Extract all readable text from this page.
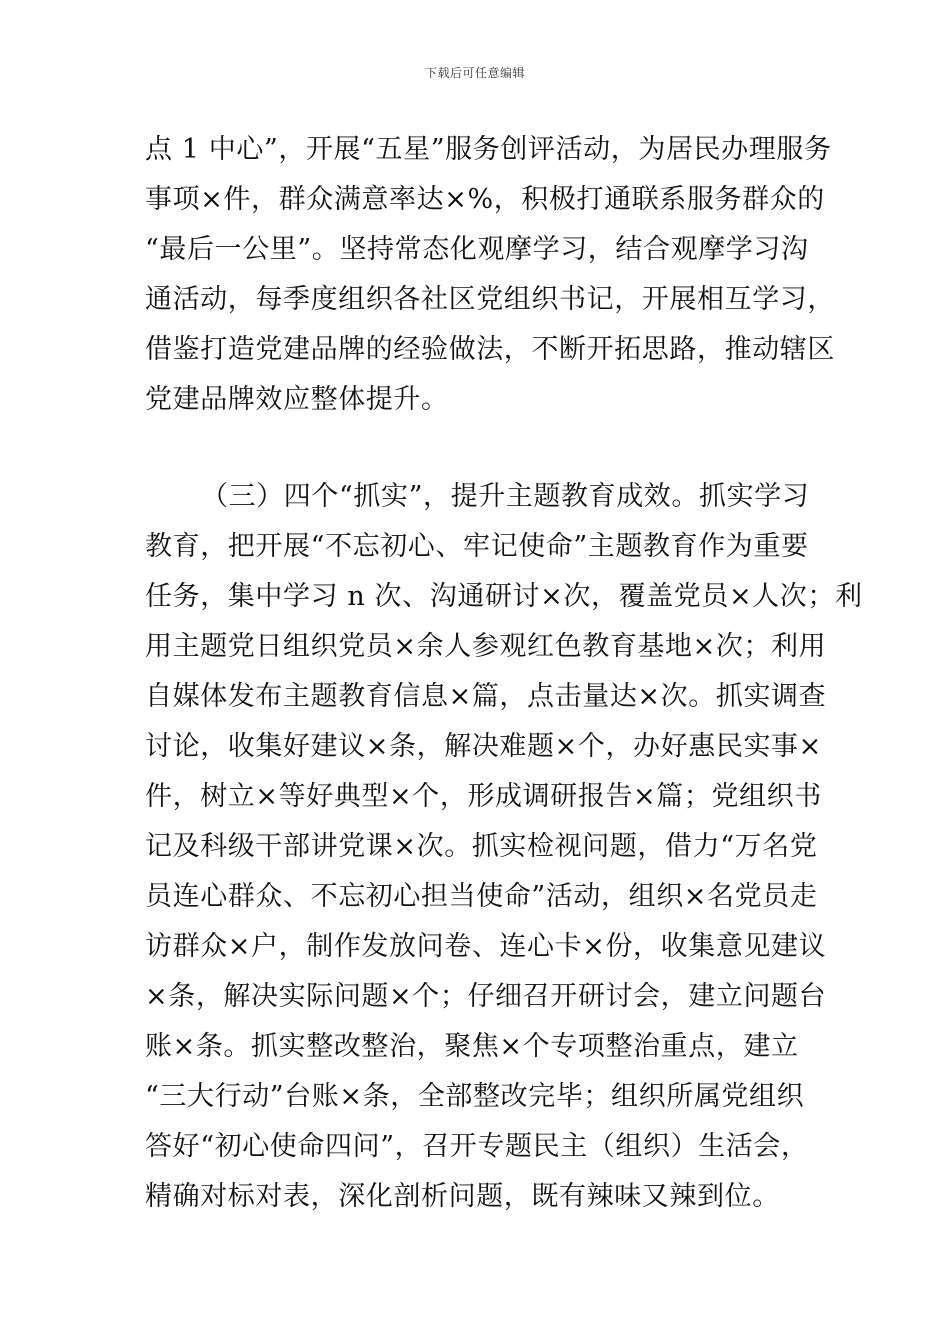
下载后可任意编辑
点 1 中心”，开展“五星”服务创评活动，为居民办理服务
事项×件，群众满意率达×%，积极打通联系服务群众的
“最后一公里”。坚持常态化观摩学习，结合观摩学习沟
通活动，每季度组织各社区党组织书记，开展相互学习，
借鉴打造党建品牌的经验做法，不断开拓思路，推动辖区
党建品牌效应整体提升。
（三）四个“抓实”，提升主题教育成效。抓实学习
教育，把开展“不忘初心、牢记使命”主题教育作为重要
任务，集中学习 n 次、沟通研讨×次，覆盖党员×人次；利
用主题党日组织党员×余人参观红色教育基地×次；利用
自媒体发布主题教育信息×篇，点击量达×次。抓实调查
讨论，收集好建议×条，解决难题×个，办好惠民实事×
件，树立×等好典型×个，形成调研报告×篇；党组织书
记及科级干部讲党课×次。抓实检视问题，借力“万名党
员连心群众、不忘初心担当使命”活动，组织×名党员走
访群众×户，制作发放问卷、连心卡×份，收集意见建议
×条，解决实际问题×个；仔细召开研讨会，建立问题台
账×条。抓实整改整治，聚焦×个专项整治重点，建立
“三大行动”台账×条，全部整改完毕；组织所属党组织
答好“初心使命四问”，召开专题民主（组织）生活会，
精确对标对表，深化剖析问题，既有辣味又辣到位。
